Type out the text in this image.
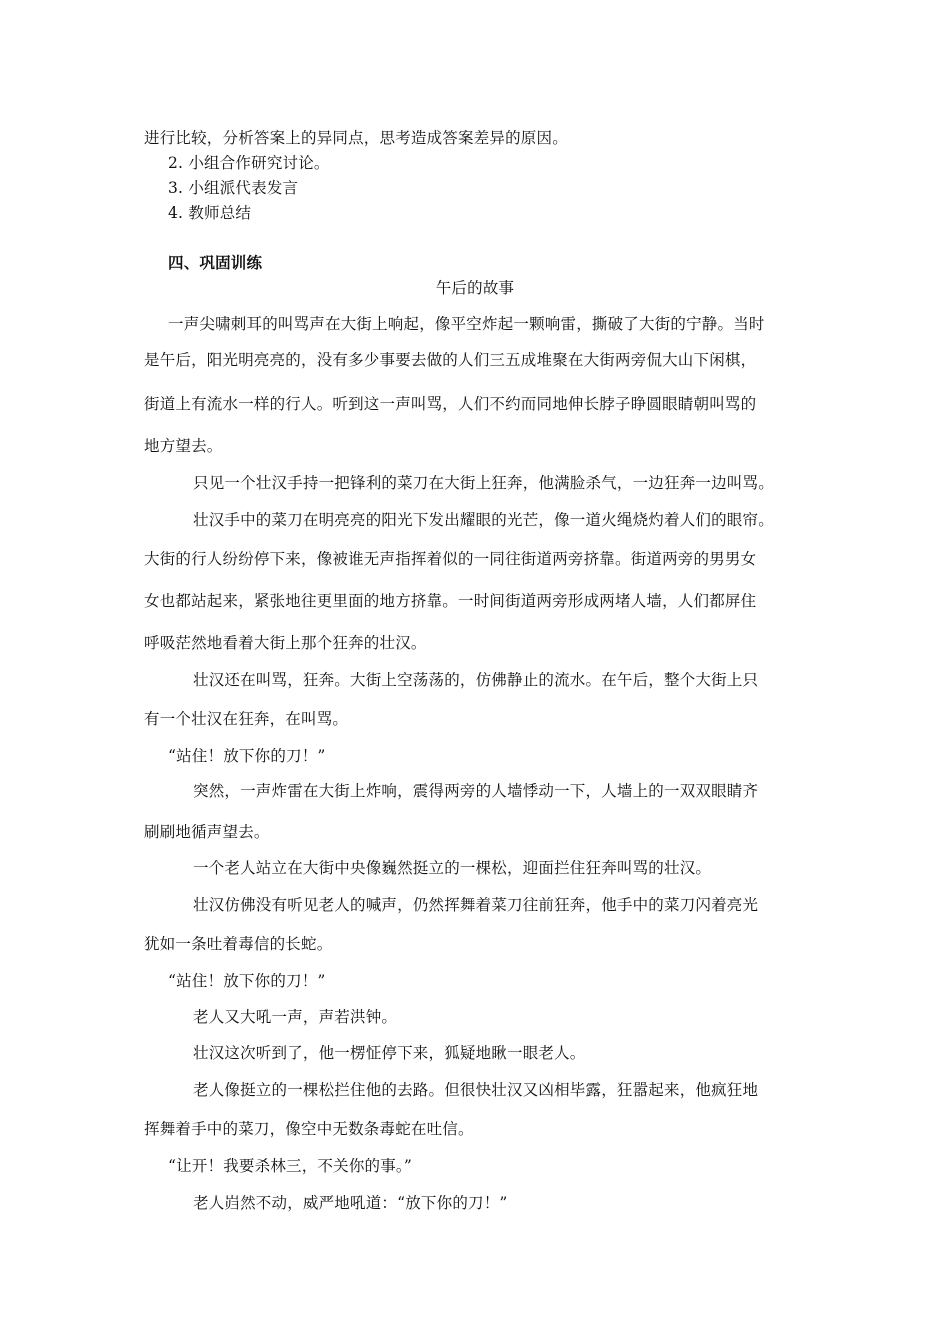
进行比较，分析答案上的异同点，思考造成答案差异的原因。
2. 小组合作研究讨论。
3. 小组派代表发言
4. 教师总结
四、巩固训练
午后的故事
一声尖啸刺耳的叫骂声在大街上响起，像平空炸起一颗响雷，撕破了大街的宁静。当时
是午后，阳光明亮亮的，没有多少事要去做的人们三五成堆聚在大街两旁侃大山下闲棋，
街道上有流水一样的行人。听到这一声叫骂，人们不约而同地伸长脖子睁圆眼睛朝叫骂的
地方望去。
只见一个壮汉手持一把锋利的菜刀在大街上狂奔，他满脸杀气，一边狂奔一边叫骂。
壮汉手中的菜刀在明亮亮的阳光下发出耀眼的光芒，像一道火绳烧灼着人们的眼帘。
大街的行人纷纷停下来，像被谁无声指挥着似的一同往街道两旁挤靠。街道两旁的男男女
女也都站起来，紧张地往更里面的地方挤靠。一时间街道两旁形成两堵人墙，人们都屏住
呼吸茫然地看着大街上那个狂奔的壮汉。
壮汉还在叫骂，狂奔。大街上空荡荡的，仿佛静止的流水。在午后，整个大街上只
有一个壮汉在狂奔，在叫骂。
“站住！放下你的刀！”
突然，一声炸雷在大街上炸响，震得两旁的人墙悸动一下，人墙上的一双双眼睛齐
刷刷地循声望去。
一个老人站立在大街中央像巍然挺立的一棵松，迎面拦住狂奔叫骂的壮汉。
壮汉仿佛没有听见老人的喊声，仍然挥舞着菜刀往前狂奔，他手中的菜刀闪着亮光
犹如一条吐着毒信的长蛇。
“站住！放下你的刀！”
老人又大吼一声，声若洪钟。
壮汉这次听到了，他一楞怔停下来，狐疑地瞅一眼老人。
老人像挺立的一棵松拦住他的去路。但很快壮汉又凶相毕露，狂嚣起来，他疯狂地
挥舞着手中的菜刀，像空中无数条毒蛇在吐信。
“让开！我要杀林三，不关你的事。”
老人岿然不动，威严地吼道：“放下你的刀！”
